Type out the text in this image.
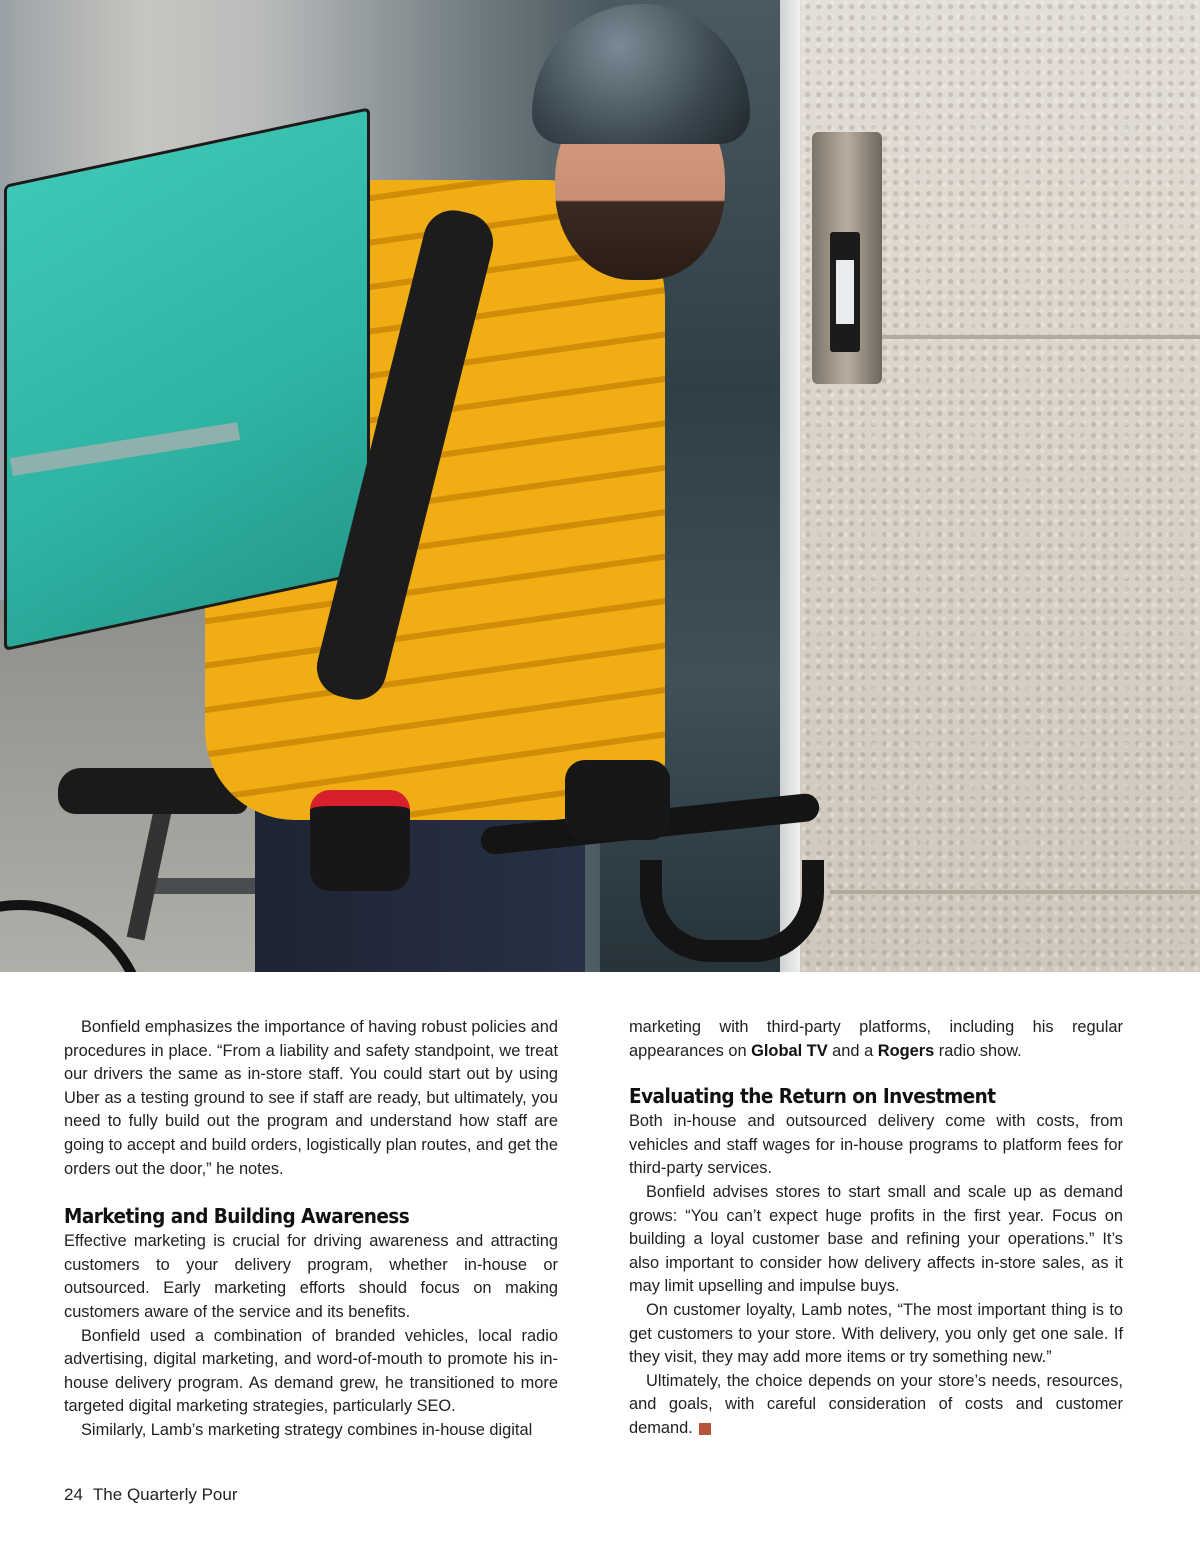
Bonfield emphasizes the importance of having robust policies and procedures in place. “From a liability and safety standpoint, we treat our drivers the same as in-store staff. You could start out by using Uber as a testing ground to see if staff are ready, but ultimately, you need to fully build out the program and understand how staff are going to accept and build orders, logistically plan routes, and get the orders out the door,” he notes.

Marketing and Building Awareness

Effective marketing is crucial for driving awareness and attracting customers to your delivery program, whether in-house or outsourced. Early marketing efforts should focus on making customers aware of the service and its benefits.

Bonfield used a combination of branded vehicles, local radio advertising, digital marketing, and word-of-mouth to promote his in-house delivery program. As demand grew, he transitioned to more targeted digital marketing strategies, particularly SEO.

Similarly, Lamb’s marketing strategy combines in-house digital

marketing with third-party platforms, including his regular appearances on Global TV and a Rogers radio show.

Evaluating the Return on Investment

Both in-house and outsourced delivery come with costs, from vehicles and staff wages for in-house programs to platform fees for third-party services.

Bonfield advises stores to start small and scale up as demand grows: “You can’t expect huge profits in the first year. Focus on building a loyal customer base and refining your operations.” It’s also important to consider how delivery affects in-store sales, as it may limit upselling and impulse buys.

On customer loyalty, Lamb notes, “The most important thing is to get customers to your store. With delivery, you only get one sale. If they visit, they may add more items or try something new.”

Ultimately, the choice depends on your store’s needs, resources, and goals, with careful consideration of costs and customer demand.	P

24 The Quarterly Pour
